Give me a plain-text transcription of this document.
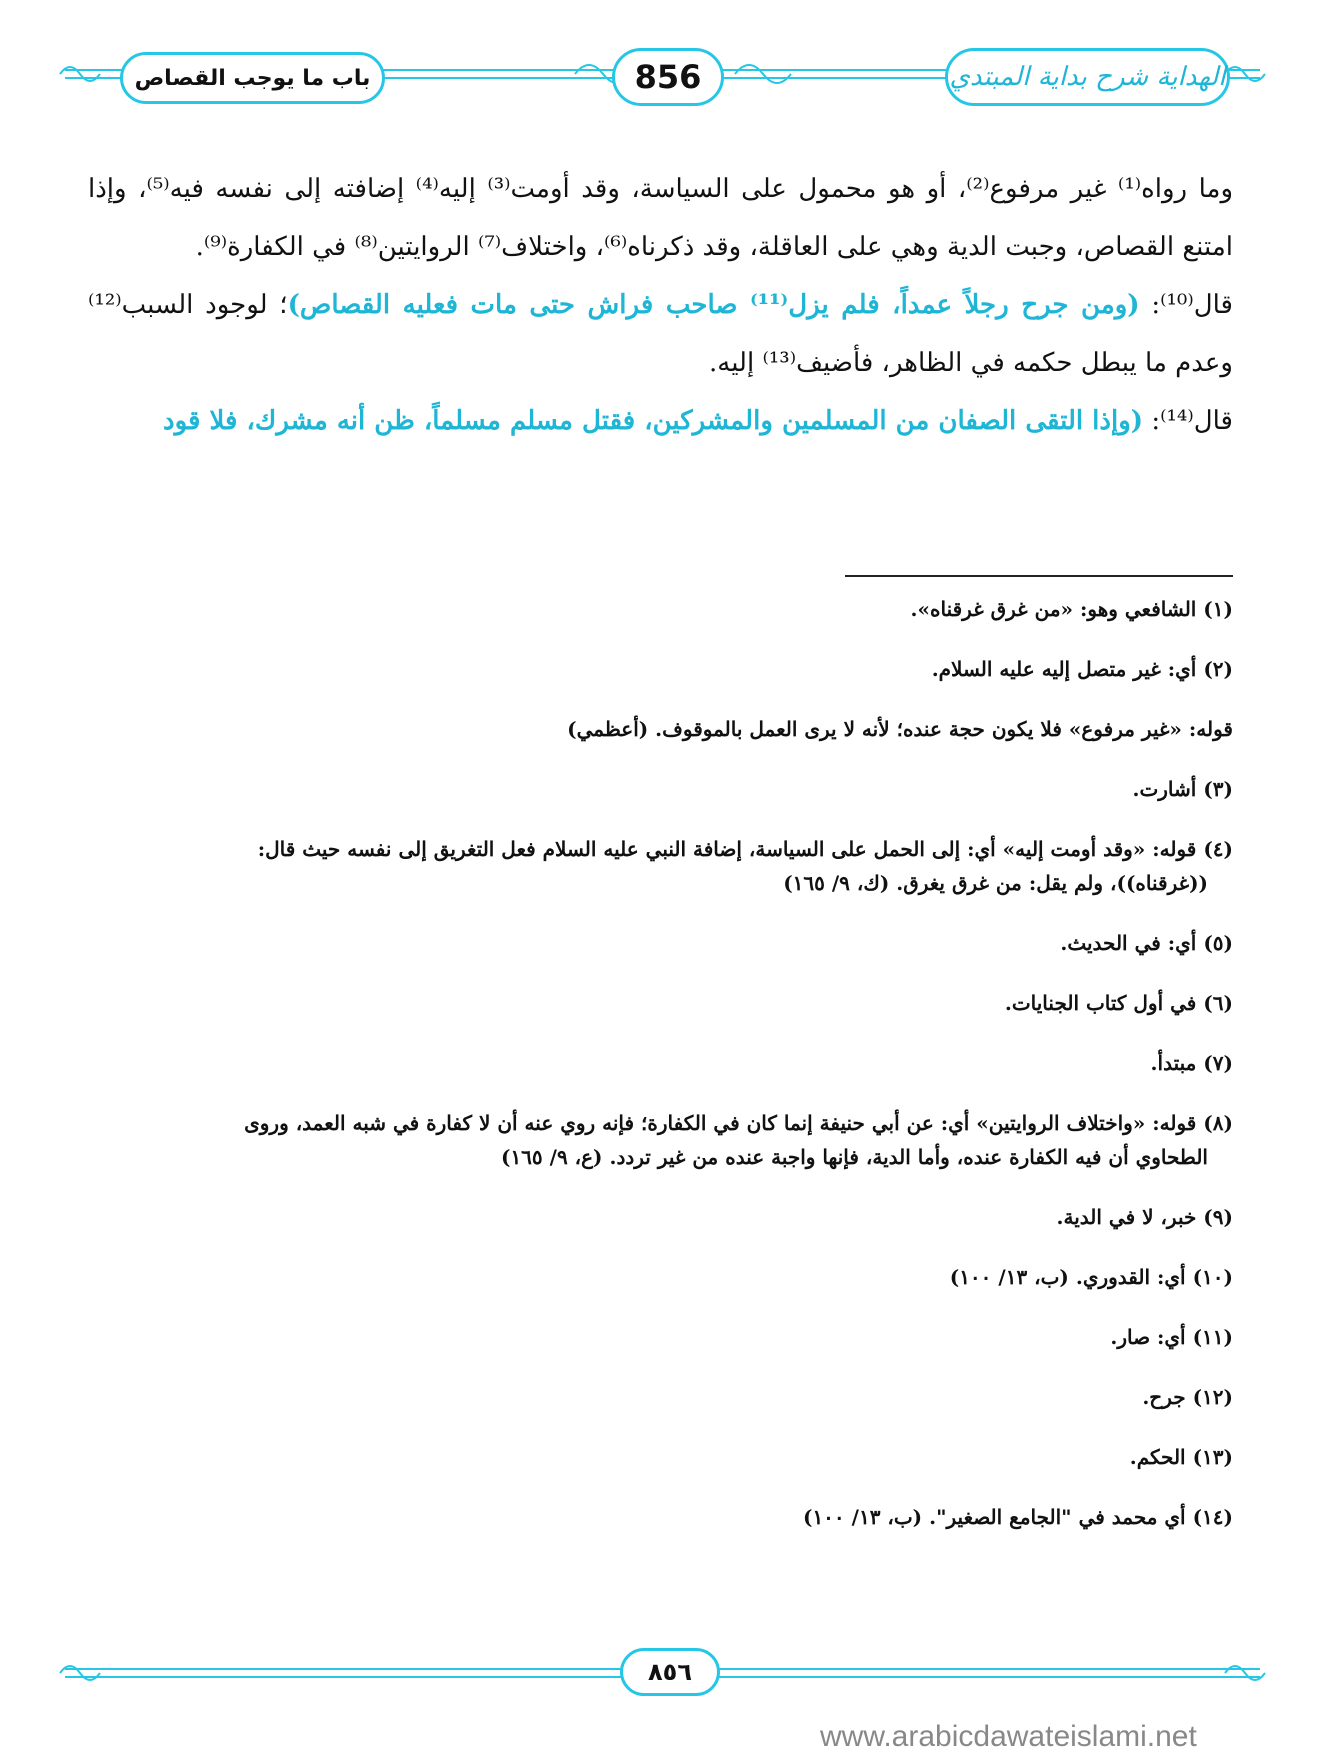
باب ما يوجب القصاص	856	الهداية شرح بداية المبتدي

وما رواه⁽¹⁾ غير مرفوع⁽²⁾، أو هو محمول على السياسة، وقد أومت⁽³⁾ إليه⁽⁴⁾ إضافته إلى نفسه فيه⁽⁵⁾، وإذا امتنع القصاص، وجبت الدية وهي على العاقلة، وقد ذكرناه⁽⁶⁾، واختلاف⁽⁷⁾ الروايتين⁽⁸⁾ في الكفارة⁽⁹⁾.

قال⁽¹⁰⁾: (ومن جرح رجلاً عمداً، فلم يزل⁽¹¹⁾ صاحب فراش حتى مات فعليه القصاص)؛ لوجود السبب⁽¹²⁾ وعدم ما يبطل حكمه في الظاهر، فأضيف⁽¹³⁾ إليه.

قال⁽¹⁴⁾: (وإذا التقى الصفان من المسلمين والمشركين، فقتل مسلم مسلماً، ظن أنه مشرك، فلا قود

(١) الشافعي وهو: «من غرق غرقناه».

(٢) أي: غير متصل إليه عليه السلام.

قوله: «غير مرفوع» فلا يكون حجة عنده؛ لأنه لا يرى العمل بالموقوف. (أعظمي)

(٣) أشارت.

(٤) قوله: «وقد أومت إليه» أي: إلى الحمل على السياسة، إضافة النبي عليه السلام فعل التغريق إلى نفسه حيث قال:

((غرقناه))، ولم يقل: من غرق يغرق. (ك، ٩/ ١٦٥)

(٥) أي: في الحديث.

(٦) في أول كتاب الجنايات.

(٧) مبتدأ.

(٨) قوله: «واختلاف الروايتين» أي: عن أبي حنيفة إنما كان في الكفارة؛ فإنه روي عنه أن لا كفارة في شبه العمد، وروى

الطحاوي أن فيه الكفارة عنده، وأما الدية، فإنها واجبة عنده من غير تردد. (ع، ٩/ ١٦٥)

(٩) خبر، لا في الدية.

(١٠) أي: القدوري. (ب، ١٣/ ١٠٠)

(١١) أي: صار.

(١٢) جرح.

(١٣) الحكم.

(١٤) أي محمد في "الجامع الصغير". (ب، ١٣/ ١٠٠)

٨٥٦
www.arabicdawateislami.net
